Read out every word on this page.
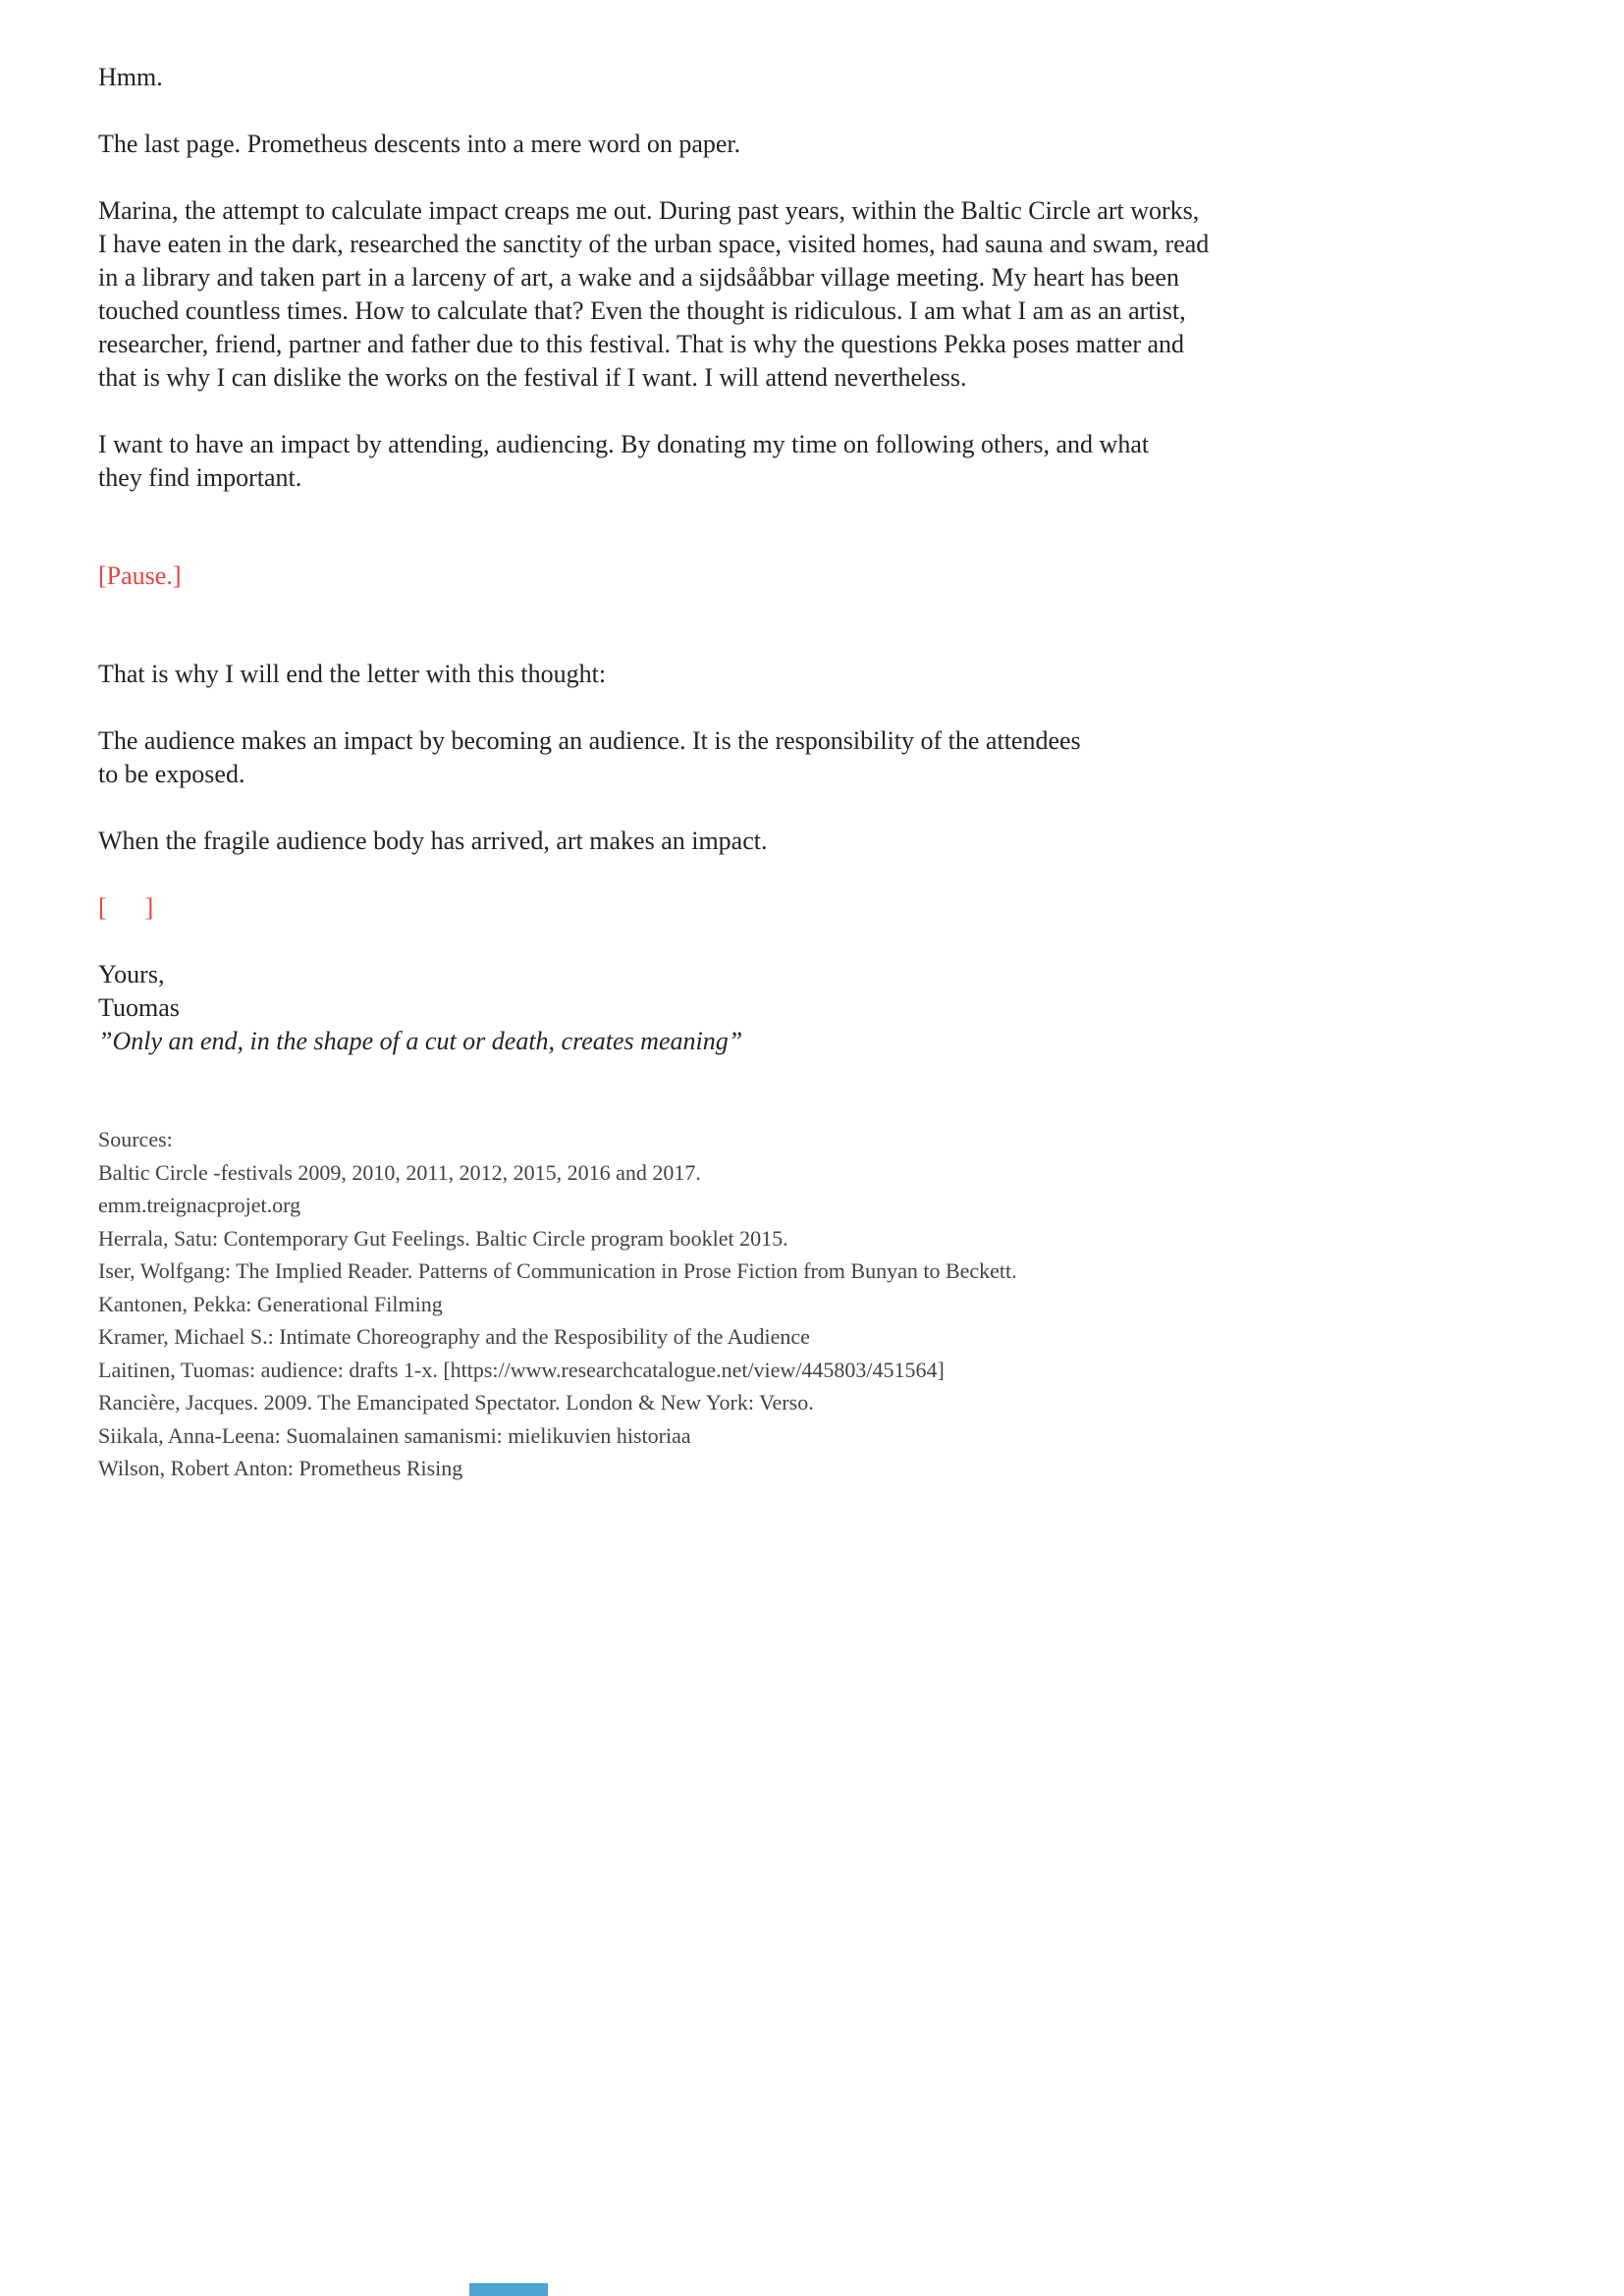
Hmm.
The last page. Prometheus descents into a mere word on paper.
Marina, the attempt to calculate impact creaps me out. During past years, within the Baltic Circle art works,
I have eaten in the dark, researched the sanctity of the urban space, visited homes, had sauna and swam, read
in a library and taken part in a larceny of art, a wake and a sijdsååbbar village meeting. My heart has been
touched countless times. How to calculate that? Even the thought is ridiculous. I am what I am as an artist,
researcher, friend, partner and father due to this festival. That is why the questions Pekka poses matter and
that is why I can dislike the works on the festival if I want. I will attend nevertheless.
I want to have an impact by attending, audiencing. By donating my time on following others, and what
they find important.
[Pause.]
That is why I will end the letter with this thought:
The audience makes an impact by becoming an audience. It is the responsibility of the attendees
to be exposed.
When the fragile audience body has arrived, art makes an impact.
[      ]
Yours,
Tuomas
”Only an end, in the shape of a cut or death, creates meaning”
Sources:
Baltic Circle -festivals 2009, 2010, 2011, 2012, 2015, 2016 and 2017.
emm.treignacprojet.org
Herrala, Satu: Contemporary Gut Feelings. Baltic Circle program booklet 2015.
Iser, Wolfgang: The Implied Reader. Patterns of Communication in Prose Fiction from Bunyan to Beckett.
Kantonen, Pekka: Generational Filming
Kramer, Michael S.: Intimate Choreography and the Resposibility of the Audience
Laitinen, Tuomas: audience: drafts 1-x. [https://www.researchcatalogue.net/view/445803/451564]
Rancière, Jacques. 2009. The Emancipated Spectator. London & New York: Verso.
Siikala, Anna-Leena: Suomalainen samanismi: mielikuvien historiaa
Wilson, Robert Anton: Prometheus Rising
